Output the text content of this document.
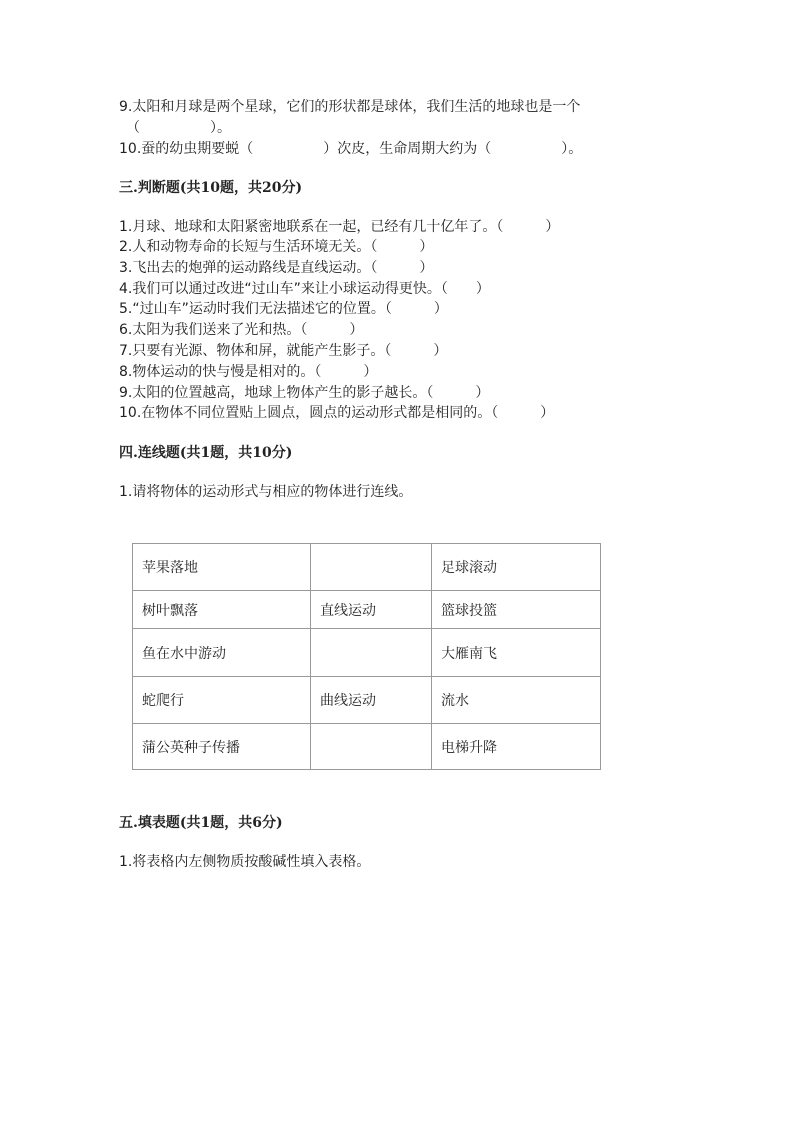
9.太阳和月球是两个星球，它们的形状都是球体，我们生活的地球也是一个
（　　　　　）。
10.蚕的幼虫期要蜕（　　　　　）次皮，生命周期大约为（　　　　　）。
三.判断题(共10题，共20分)
1.月球、地球和太阳紧密地联系在一起，已经有几十亿年了。（　　　）
2.人和动物寿命的长短与生活环境无关。（　　　）
3.飞出去的炮弹的运动路线是直线运动。（　　　）
4.我们可以通过改进“过山车”来让小球运动得更快。（　　）
5.“过山车”运动时我们无法描述它的位置。（　　　）
6.太阳为我们送来了光和热。（　　　）
7.只要有光源、物体和屏，就能产生影子。（　　　）
8.物体运动的快与慢是相对的。（　　　）
9.太阳的位置越高，地球上物体产生的影子越长。（　　　）
10.在物体不同位置贴上圆点，圆点的运动形式都是相同的。（　　　）
四.连线题(共1题，共10分)
1.请将物体的运动形式与相应的物体进行连线。
苹果落地		足球滚动
树叶飘落	直线运动	篮球投篮
鱼在水中游动		大雁南飞
蛇爬行	曲线运动	流水
蒲公英种子传播		电梯升降
五.填表题(共1题，共6分)
1.将表格内左侧物质按酸碱性填入表格。
